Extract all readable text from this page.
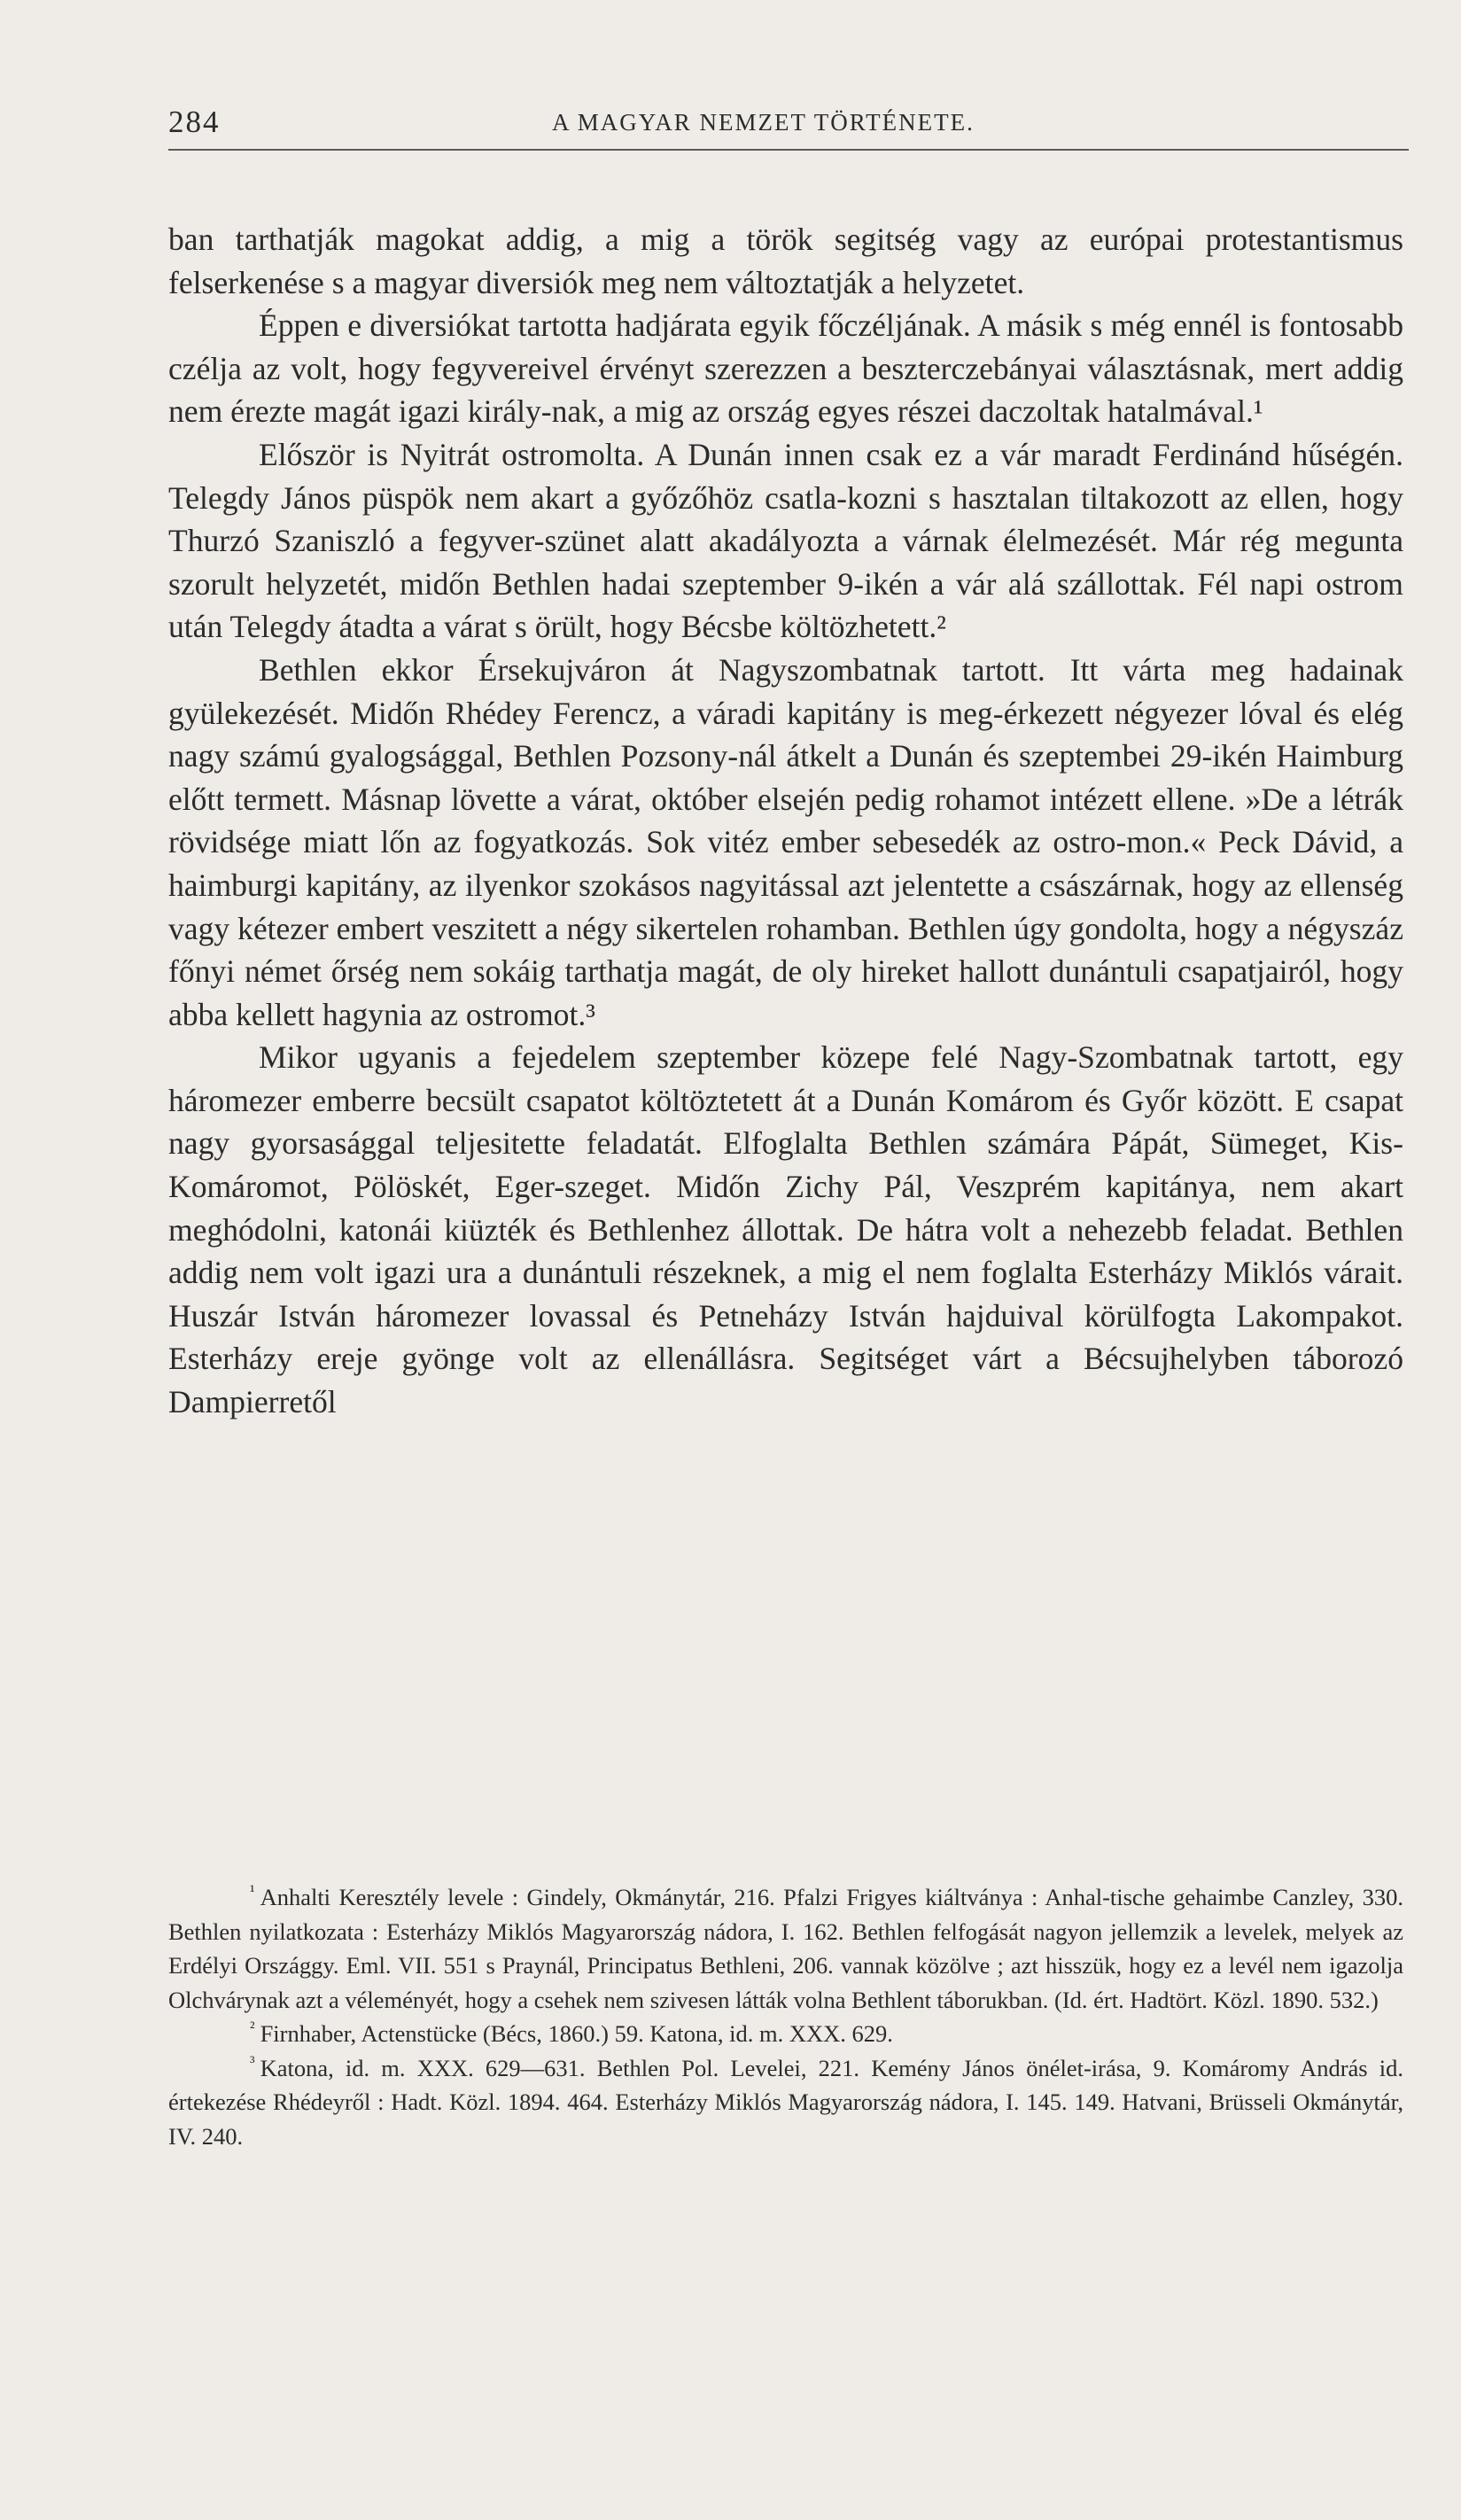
284	A MAGYAR NEMZET TÖRTÉNETE.

ban tarthatják magokat addig, a mig a török segitség vagy az európai protestantismus felserkenése s a magyar diversiók meg nem változtatják a helyzetet.

Éppen e diversiókat tartotta hadjárata egyik főczéljának. A másik s még ennél is fontosabb czélja az volt, hogy fegyvereivel érvényt szerezzen a beszterczebányai választásnak, mert addig nem érezte magát igazi király-nak, a mig az ország egyes részei daczoltak hatalmával.¹

Először is Nyitrát ostromolta. A Dunán innen csak ez a vár maradt Ferdinánd hűségén. Telegdy János püspök nem akart a győzőhöz csatla-kozni s hasztalan tiltakozott az ellen, hogy Thurzó Szaniszló a fegyver-szünet alatt akadályozta a várnak élelmezését. Már rég megunta szorult helyzetét, midőn Bethlen hadai szeptember 9-ikén a vár alá szállottak. Fél napi ostrom után Telegdy átadta a várat s örült, hogy Bécsbe költözhetett.²

Bethlen ekkor Érsekujváron át Nagyszombatnak tartott. Itt várta meg hadainak gyülekezését. Midőn Rhédey Ferencz, a váradi kapitány is meg-érkezett négyezer lóval és elég nagy számú gyalogsággal, Bethlen Pozsony-nál átkelt a Dunán és szeptembei 29-ikén Haimburg előtt termett. Másnap lövette a várat, október elsején pedig rohamot intézett ellene. »De a létrák rövidsége miatt lőn az fogyatkozás. Sok vitéz ember sebesedék az ostro-mon.« Peck Dávid, a haimburgi kapitány, az ilyenkor szokásos nagyitással azt jelentette a császárnak, hogy az ellenség vagy kétezer embert veszitett a négy sikertelen rohamban. Bethlen úgy gondolta, hogy a négyszáz főnyi német őrség nem sokáig tarthatja magát, de oly hireket hallott dunántuli csapatjairól, hogy abba kellett hagynia az ostromot.³

Mikor ugyanis a fejedelem szeptember közepe felé Nagy-Szombatnak tartott, egy háromezer emberre becsült csapatot költöztetett át a Dunán Komárom és Győr között. E csapat nagy gyorsasággal teljesitette feladatát. Elfoglalta Bethlen számára Pápát, Sümeget, Kis-Komáromot, Pölöskét, Eger-szeget. Midőn Zichy Pál, Veszprém kapitánya, nem akart meghódolni, katonái kiüzték és Bethlenhez állottak. De hátra volt a nehezebb feladat. Bethlen addig nem volt igazi ura a dunántuli részeknek, a mig el nem foglalta Esterházy Miklós várait. Huszár István háromezer lovassal és Petneházy István hajduival körülfogta Lakompakot. Esterházy ereje gyönge volt az ellenállásra. Segitséget várt a Bécsujhelyben táborozó Dampierretől

$^{^1}$ Anhalti Keresztély levele : Gindely, Okmánytár, 216. Pfalzi Frigyes kiáltványa : Anhal-tische gehaimbe Canzley, 330. Bethlen nyilatkozata : Esterházy Miklós Magyarország nádora, I. 162. Bethlen felfogását nagyon jellemzik a levelek, melyek az Erdélyi Országgy. Eml. VII. 551 s Praynál, Principatus Bethleni, 206. vannak közölve ; azt hisszük, hogy ez a levél nem igazolja Olchvárynak azt a véleményét, hogy a csehek nem szivesen látták volna Bethlent táborukban. (Id. ért. Hadtört. Közl. 1890. 532.)

$^{^2}$ Firnhaber, Actenstücke (Bécs, 1860.) 59. Katona, id. m. XXX. 629.

$^{^3}$ Katona, id. m. XXX. 629—631. Bethlen Pol. Levelei, 221. Kemény János önélet-irása, 9. Komáromy András id. értekezése Rhédeyről : Hadt. Közl. 1894. 464. Esterházy Miklós Magyarország nádora, I. 145. 149. Hatvani, Brüsseli Okmánytár, IV. 240.
